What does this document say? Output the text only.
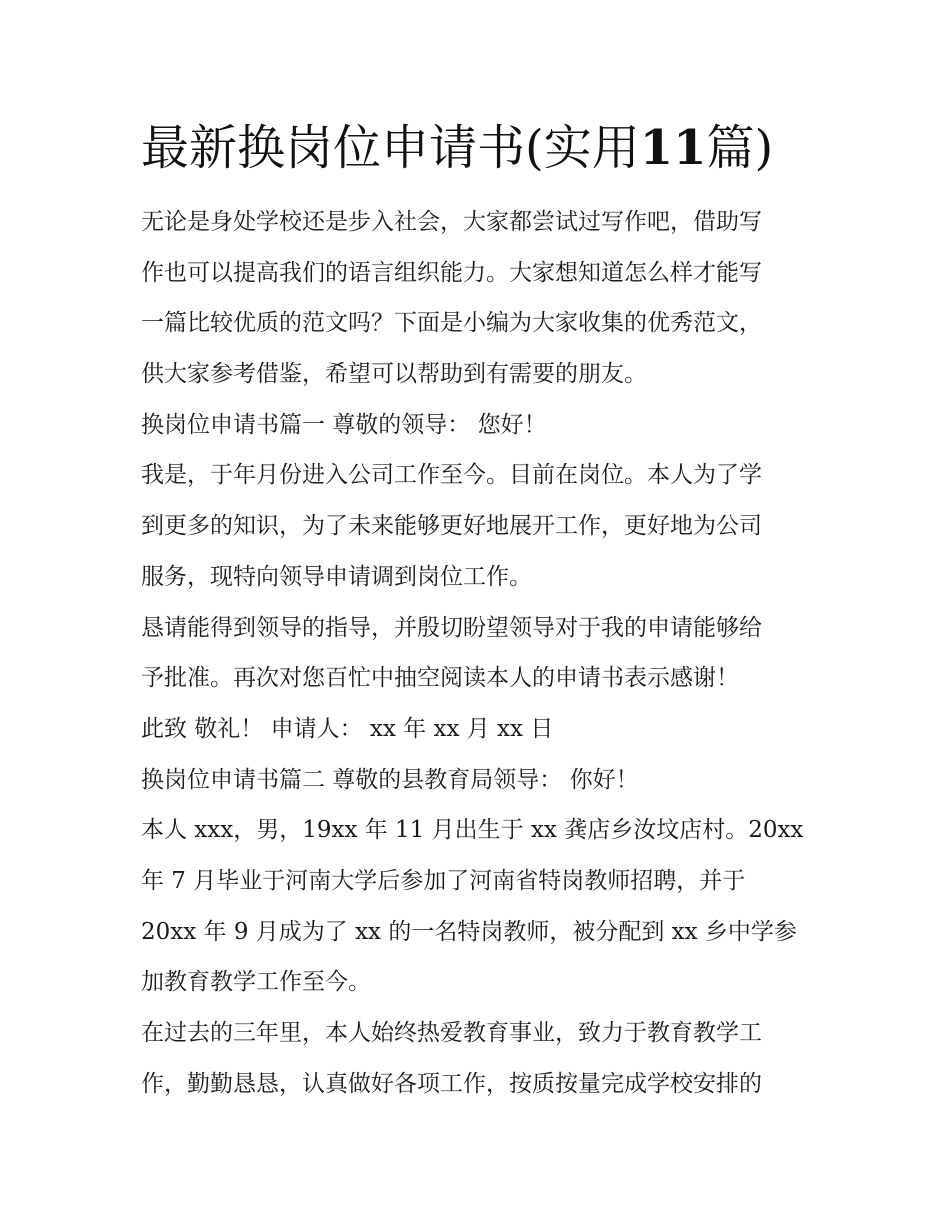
最新换岗位申请书(实用11篇)
无论是身处学校还是步入社会，大家都尝试过写作吧，借助写
作也可以提高我们的语言组织能力。大家想知道怎么样才能写
一篇比较优质的范文吗？下面是小编为大家收集的优秀范文，
供大家参考借鉴，希望可以帮助到有需要的朋友。
换岗位申请书篇一 尊敬的领导： 您好！
我是，于年月份进入公司工作至今。目前在岗位。本人为了学
到更多的知识，为了未来能够更好地展开工作，更好地为公司
服务，现特向领导申请调到岗位工作。
恳请能得到领导的指导，并殷切盼望领导对于我的申请能够给
予批准。再次对您百忙中抽空阅读本人的申请书表示感谢！
此致 敬礼！ 申请人： xx 年 xx 月 xx 日
换岗位申请书篇二 尊敬的县教育局领导： 你好！
本人 xxx，男，19xx 年 11 月出生于 xx 龚店乡汝坟店村。20xx
年 7 月毕业于河南大学后参加了河南省特岗教师招聘，并于
20xx 年 9 月成为了 xx 的一名特岗教师，被分配到 xx 乡中学参
加教育教学工作至今。
在过去的三年里，本人始终热爱教育事业，致力于教育教学工
作，勤勤恳恳，认真做好各项工作，按质按量完成学校安排的
